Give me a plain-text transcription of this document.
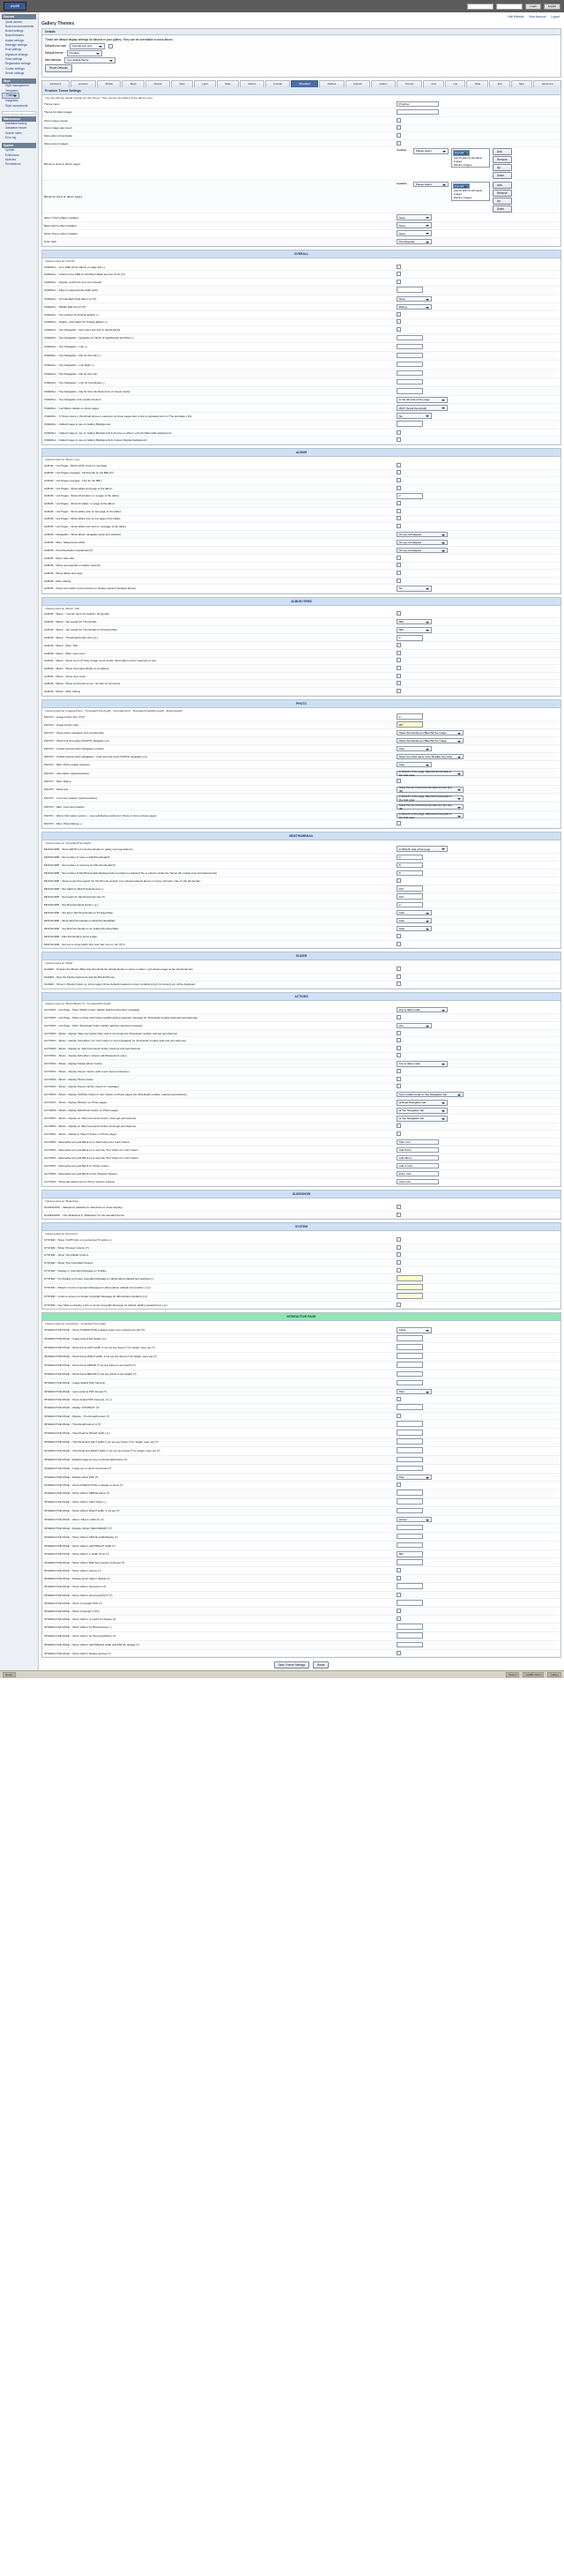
phpBB	Login	Logout
General
Quick access
Board announcements
Board settings
Board features
Avatar settings
Message settings
Post settings
Signature settings
Feed settings
Registration settings
Cookie settings
Server settings
Style
Style management
Templates
Themes
Imagesets
Style components
Maintenance
Database backup
Database restore
Search index
Error log
System
Update
Extensions
Modules
Permissions
Visit Website View Account Logout
Gallery Themes
Details
These are default display settings for albums in your gallery. They can be overridden in each album.
Default icon size	Normal icon size
Default theme	Prosilver
New albums	Use default theme
Reset Defaults
subsilver2	prosilver	Mobile	Basic	Classic	Dark	Light	Slate	Marine	Coastal	Prosilver	Flatbed	Artwork	Gallery	Thumbs	Grid	List	Slide	Full	Misc	Advanced
Prosilver Theme Settings
You can edit the global settings for this theme. They can be overridden at the album level.
Theme name	Prosilver
Theme for album pages	
Show image counter	
Show image view count	
Show album thumbnails	
Show recent images	
Blocks to show in album pages	
Available	Please select	Top ratings
Last 10 albums with latest images
Random images
Add
Remove
Up
Down

Blocks for show on album pages	
Available	Please select	Top ratings
Last 10 albums with latest images
Random images
Add
Remove
Up
Down

Album Theme Basic installed	None
Basic theme effect installed	None
Mode Theme effect installed	None
Color theft	Pre-Selected
OVERALL
Implemented as 'Overall'
OVERALL :: Icon SIZE (0) for Album on page title (-)	
OVERALL :: Column Icon SIZE for all Album Make top icon for (0 (?))	
OVERALL :: Display method for sort Icon Overall	
OVERALL :: Align is supported list width (edit)	
OVERALL :: Normal Right Side album (0 (?))	None
OVERALL :: Middle Half-size (0 (?))	Rating
OVERALL :: Top position for Posting Edition (-)	
OVERALL :: Digital - reformatter for Posting Edition (-)	
OVERALL :: Top Navigation - Row show link size in thumbnail list	
OVERALL :: Top Navigation - Separator for block of headboards and Misc.(-)	
OVERALL :: Top Navigation - Link (-)	
OVERALL :: Top Navigation - title for the Link (-)	
OVERALL :: Top Navigation - Link Right (-)	
OVERALL :: Top Navigation - title for the Link	
OVERALL :: Top Navigation - Link for thumbnails (-)	
OVERALL :: Top Navigation - title for the Link block (Icon of: Guest mode)	
OVERALL :: Top Navigation link (medium/colour)	In the left side of the page
OVERALL :: Left Album details on photo pages	WOT (Small thumbnail)
OVERALL :: If 'Show colour-y thumbnail' above is selected, at photo pages after a link to uploaded pics on 'The template-y film'	No
OVERALL :: Added Image to use on Gallery Background	
OVERALL :: Added Image to use on Gallery Background & browse on album, and the Main table background	
OVERALL :: Added Image to use on Gallery Background & Custom Display background	
ALBUM
Implemented as 'Album' type
ALBUM :: List Pages - Block within columns message	
ALBUM :: List Pages message - full link title on the BB(-)(?)	
ALBUM :: List Pages message - Link for the BB(-)	
ALBUM :: List Pages - Show tables and page of the album	
ALBUM :: List Pages - Show Information on a page of the tables	2
ALBUM :: List Pages - Show formatter, on page of the album	
ALBUM :: List Pages - Show tables size on last page of the tables	
ALBUM :: List Pages - Show tables size on 1st page of the tables	
ALBUM :: List Pages - Show tables size and on message of the tables	
ALBUM :: Navigation - Show album navigation (post and position)	On top, left aligned
ALBUM :: Misc: Tables/column/title	On top, left aligned
ALBUM :: Post Description explanation(?)	On top, left aligned
ALBUM :: Misc: Hide tabs	
ALBUM :: Show new-specific on tables contents	
ALBUM :: Show tables and page	
ALBUM :: Misc: Rating	
ALBUM :: Show information (column/photo to display options) (detailed above)	No
ALBUM ITEMS
Implemented as 'Album' with
ALBUM :: Macro - Counter items for default / all popular	
ALBUM :: Macro - Set results for Thumbnails	500
ALBUM :: Macro - Set results for Thumbnails for Prosilver/Mac	500
ALBUM :: Macro - Thumbnail border size (-)(-)	2
ALBUM :: Macro - Misc: Title	
ALBUM :: Macro - Misc: view count	
ALBUM :: Macro - Show count (If 'More image count' and/or 'More album count' selected on top)	
ALBUM :: Macro - Show view early (Right on an album)	
ALBUM :: Macro - Show view count	
ALBUM :: Macro - Show comments on-up / number of comments	
ALBUM :: Macro - Misc: Rating	
PHOTO
Implemented as 'Image/ePhoto', 'Template/Thumb'(all)', 'Template/Grid', 'Template/SmallAlbum(all)', 'Slideshow/all'
PHOTO :: Image border size (?)(?)	2
PHOTO :: Image border color	#fff
PHOTO :: Show photo navigation size (position/alt)	Show thumbnails per BELOW the image
PHOTO :: Show Full size photo (PHOTO navigation on)	Show thumbnails per BELOW the image
PHOTO :: Unified portrait photo Navigation position	Auto
PHOTO :: Unified portrait photo Navigation - (Can turn link at the PHOTO navigation on)	Show icon (this same size) Text(Ext Img only)
PHOTO :: Misc: Photo scaled positions	Auto
PHOTO :: Information (option/position)	In RIGHT of the page, BELOW thumbnails in the side area
PHOTO :: Misc: Rating	
PHOTO :: Show text	Show the top of and the tab sites (for the top) (B)
PHOTO :: Comment position (option/position)	In RIGHT of the page, BELOW thumbnails in the side area
PHOTO :: Misc: Comment position	Show the top of and the tab sites (for the top) (B)
PHOTO :: Album information options - must edit Rating method on 'Show or link on photo pages'	In RIGHT of the page, BELOW thumbnails in the side area
PHOTO :: Misc: Photo Rating (-)	
MINITHUMBNAIL
Implemented as 'Template/Thumb(all)'
MINITHUMB :: Show WIDTH of mini-thumbnails for gallery and separation(-)	In RIGHT, side of the page
MINITHUMB :: Set number of rows on MiniThumbnail(?)	3
MINITHUMB :: Set number of columns for Mini-thumbnails(?)	8
MINITHUMB :: Set number of MiniThumbnails displayed when position is selected 'No or column under the 'theme all' module (row and placements)	8
MINITHUMB :: Show empty first search the MiniThumb position (on) selected placed above it (empty cell when, like on the left border)	
MINITHUMB :: Set width for MiniThumbnail size (-)	100
MINITHUMB :: Set height for MiniThumbnail size (?)	100
MINITHUMB :: Set Mini-thumbnail border (-)(-)	2
MINITHUMB :: Set all for MiniThumbnails for Prosilver/Mac	Auto
MINITHUMB :: Show MiniThumbnails on MiniThumbnail/Mac	Auto
MINITHUMB :: Set MiniThumbnails on for Gallery/Prosilver/Mac	Auto
MINITHUMB :: Mini-thumbnail to show image	
MINITHUMB :: Set text to show width 'first' and 'last' one on 'all' (?)(?)	
SLIDER
Implemented as 'Slider'
SLIDER :: Position the Blocks Table that thumbnail the default blocks to show on album, and shows pages at the thumbnail size	
SLIDER :: Stop the blocks placement and the Blocks/Theme	
SLIDER :: Show in 'Blocks' button on show pages (show default) needed to show 'containing (left, Comment) etc. all be displayed	
ACTIONS
Implemented as 'Album/Basic'(?)', 'Template/Photo(all)'
ACTIONS :: List Page - Show 'Watch' button (add/to address favourites message)	Imp to table mode
ACTIONS :: List Page - Show a 'Color Cart' button (add/to actions selected message for 'Download' module (add and permissions))	
ACTIONS :: List Page - Show 'Download' button (add/to address selected message)	Yes
ACTIONS :: Album - display 'Take cart' button (link, and is not simply the 'Download' module, and set permissions)	
ACTIONS :: Album - display 'Add album' for 'Cart' button or test (navigation for 'Download' module (add and permissions))	
ACTIONS :: Album - display on 'Add Comments' button (must be and permissions)	
ACTIONS :: Album - display 'Edit album' actions (all (Moderators only))	
ACTIONS :: Album - display 'Delete album' button	Imp to table mode
ACTIONS :: Album - display 'Report' button (with report and permissions)	
ACTIONS :: Album - display 'Photo' button	
ACTIONS :: Album - display 'Report' button (report on message)	
ACTIONS :: Album - display 'Add/Set' button in Cart' button on Photo pages (for 'Download' module, requires permissions)	Text in table mode on Top Navigation bar
ACTIONS :: Album - display 'Buttons' on Photo pages	at Read Navigation tab
ACTIONS :: Album - display 'Edit Photo' button on Photo pages	at Top Navigation tab
ACTIONS :: Album - display on 'Add Comments' button (must get permissions)	at Top Navigation bar
ACTIONS :: Album - display on 'Edit Comments' button (must get permissions)	
ACTIONS :: Album - display in 'Report' button on Photo pages	
ACTIONS :: Alternative text and Block for a 'Add' button (for 'Cart' button)	Take Cart
ACTIONS :: Alternative text and Block for a new link 'Text' button for 'Cart' button	Add Photo
ACTIONS :: Alternative text and Block for a new link 'Text' button for 'Cart' button	Add Album
ACTIONS :: Alternative text and Block for 'Photo' button	Add to Cart
ACTIONS :: Alternative text and Block for the 'Reports' buttons	Enter Cart
ACTIONS :: Show alternative text for Photo 'Actions' buttons	View Cart
SLIDESHOW
Implemented as 'Slideshow'
SLIDESHOW :: Slideshow (defaults for slideshow on show display)	
SLIDESHOW :: Use Slideshow in 'Slideshow' for the standard theme	
SYSTEM
Implemented as 'Protected'
SYSTEM :: Show 'CAPTCHA' on a protected (?) action (-)	
SYSTEM :: Show 'Preview' column (?)	
SYSTEM :: Show 'Get Middle' buttons	
SYSTEM :: Show 'The Controlled' buttons	
SYSTEM :: Display or Copyright Message on Profiles	
SYSTEM :: On Display an Footer Copyright Message for album/photo default text positions (-)	
SYSTEM :: Added in Footer Copyright Message for album/photo (default text position (-)(-))	
SYSTEM :: Limits to screen on Footer Copyright Message for album/photo (default (-)(-))	
SYSTEM :: Use Slide on display a link on footer Copyright Message for default, adding standard text (-)(-)	
INTERACTIVE PAGE
Implemented as 'Interactive', 'Template/Thumb(all)'
INTERACTIVE PAGE :: Show INTERACTIVE Loading option (not override the cell (?))	Label
INTERACTIVE PAGE :: Image Grand-Toll height (-)(-)	
INTERACTIVE PAGE :: Show frame LEFT width, if not set any frame (? for height, easy up) (?)	
INTERACTIVE PAGE :: Show frame RIGHT width, if not set any frame (? for height, easy up) (?)	
INTERACTIVE PAGE :: Show frame ABOVE (? set any frame is set height) (?)	
INTERACTIVE PAGE :: Show frame BELOW (? set any frame is set height) (?)	
INTERACTIVE PAGE :: Image default PDF frame(s)	
INTERACTIVE PAGE :: menu options PDF format (?)	Title
INTERACTIVE PAGE :: Show default PDF frame(s), on (-)	
INTERACTIVE PAGE :: display 'CONTENT' (?)	
INTERACTIVE PAGE :: Display - Thumbnail/Content (?)	
INTERACTIVE PAGE :: Thumbnail/Column 0 (?)	
INTERACTIVE PAGE :: Thumbnail for RIGHT width (-)(-)	
INTERACTIVE PAGE :: Thumbnail and LEFT width, if not set any frame (? for height, easy up) (?)	
INTERACTIVE PAGE :: Thumbnail and RIGHT width, if not set any frame (? for height, easy up) (?)	
INTERACTIVE PAGE :: Default image for any on thumbnail/Column (?)	
INTERACTIVE PAGE :: Image set on all for thumbnail (?)	
INTERACTIVE PAGE :: Display effect PDF (?)	Title
INTERACTIVE PAGE :: Show INTERACTIVE in display or None (?)	
INTERACTIVE PAGE :: Show 'Album' ABOVE frame (?)	
INTERACTIVE PAGE :: Show 'Album' LEFT frame (-)	
INTERACTIVE PAGE :: Show 'Album' RIGHT width, if not set (?)	
INTERACTIVE PAGE :: Album 'Album' width for (?)	Center
INTERACTIVE PAGE :: Display 'Album' SECONDARY (?)	
INTERACTIVE PAGE :: Show 'Album' ABOVE width/display (?)	
INTERACTIVE PAGE :: Show 'Album' LEFT/RIGHT width (?)	
INTERACTIVE PAGE :: Show 'Album' in width (if set (?)	800
INTERACTIVE PAGE :: Show 'Album' PDF-Set number of frames (?)	
INTERACTIVE PAGE :: Show 'Album' frames (?)	
INTERACTIVE PAGE :: Display show 'Album' default (?)	
INTERACTIVE PAGE :: Show 'Album' the/column (?)	
INTERACTIVE PAGE :: Show 'Album' documents(?)(?) (?)	
INTERACTIVE PAGE :: Show 'Copyright' PDF (?)	
INTERACTIVE PAGE :: Show 'Copyright' (?)(?)	
INTERACTIVE PAGE :: Show 'Album' on LEFT for display (?)	
INTERACTIVE PAGE :: Show 'Album' for Block frames (-)	
INTERACTIVE PAGE :: Show 'Album' for Text and PDF(s) (?)	
INTERACTIVE PAGE :: Show 'Album' LEFT/RIGHT width and PDF for display (?)	
INTERACTIVE PAGE :: Show 'Album' display settings (?)	
Save Theme Settings	Reset
Ready	Firefox	phpBB Admin	Gallery
